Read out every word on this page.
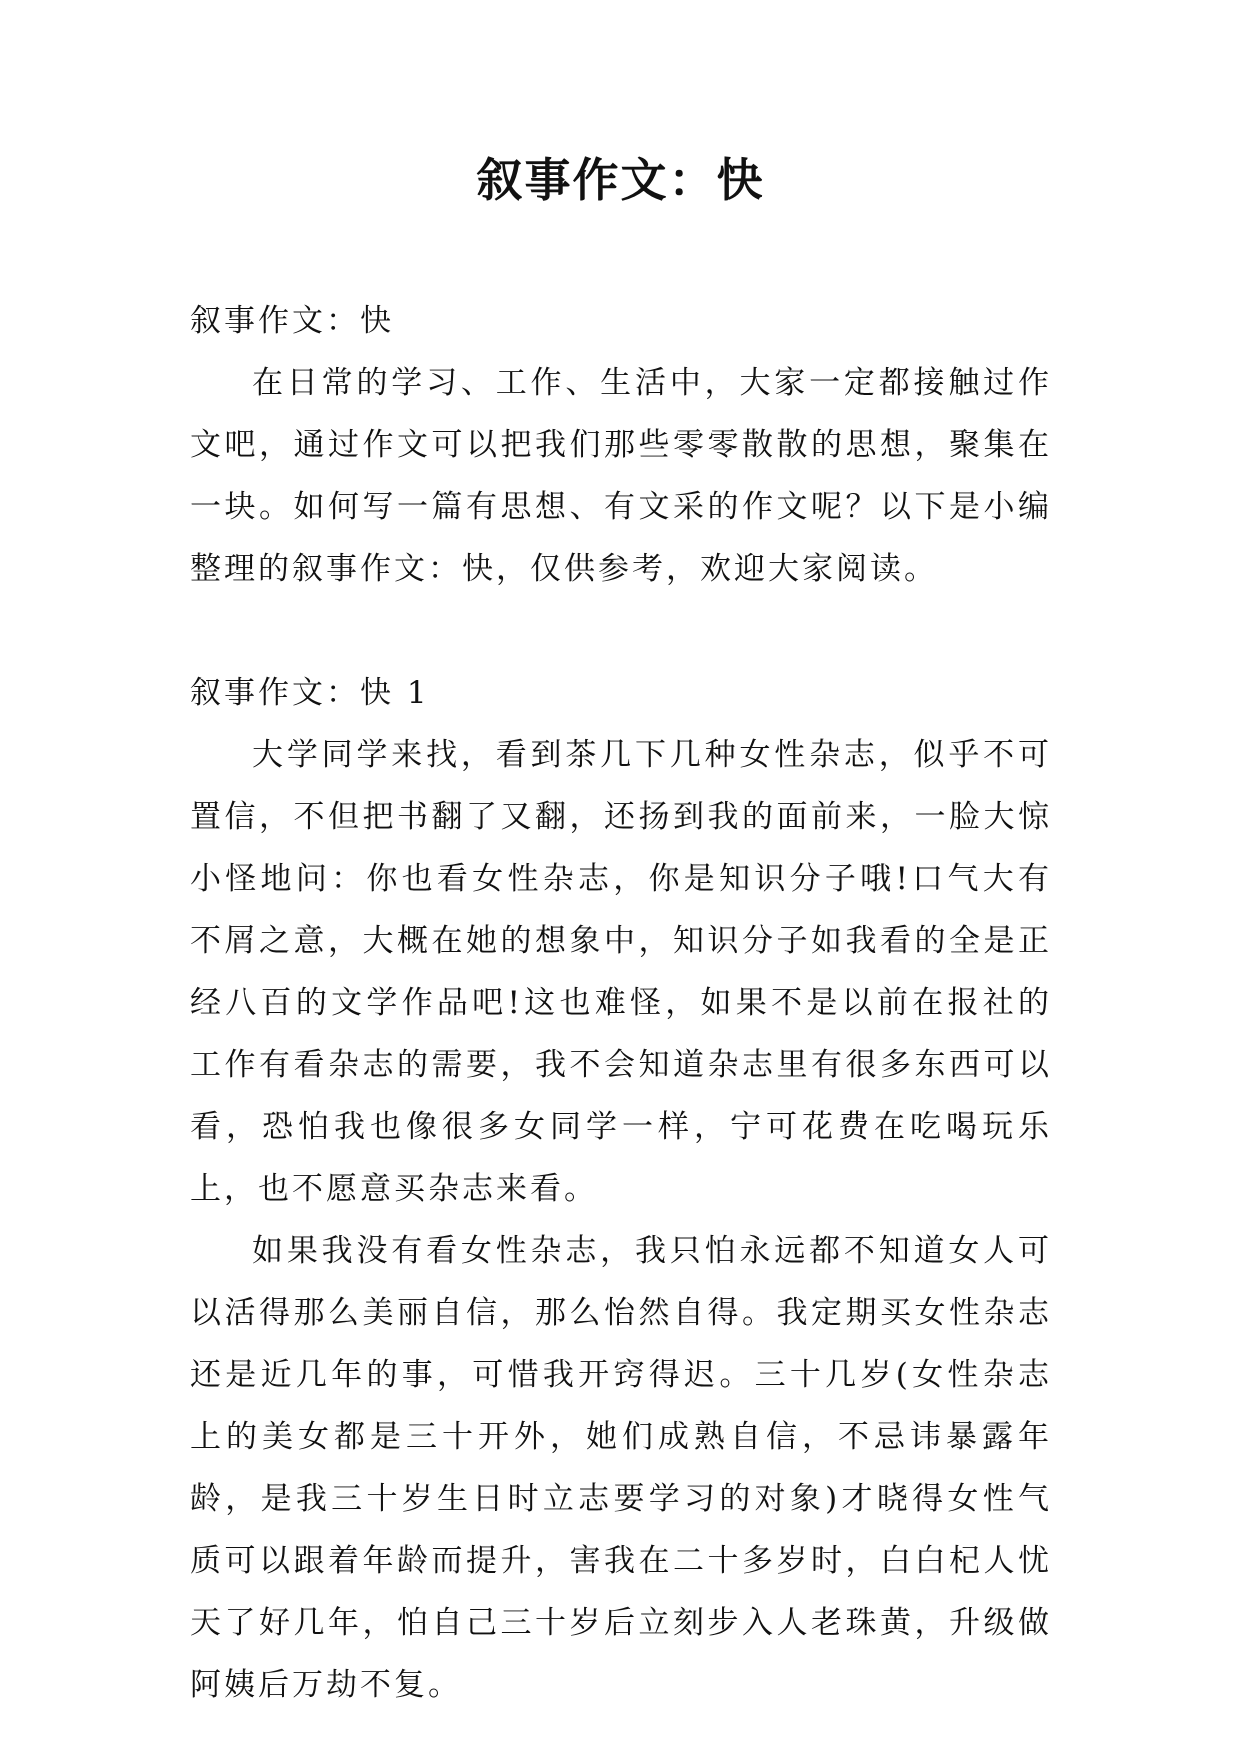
叙事作文：快

叙事作文：快

在日常的学习、工作、生活中，大家一定都接触过作文吧，通过作文可以把我们那些零零散散的思想，聚集在一块。如何写一篇有思想、有文采的作文呢？以下是小编整理的叙事作文：快，仅供参考，欢迎大家阅读。

叙事作文：快 1

大学同学来找，看到茶几下几种女性杂志，似乎不可置信，不但把书翻了又翻，还扬到我的面前来，一脸大惊小怪地问：你也看女性杂志，你是知识分子哦!口气大有不屑之意，大概在她的想象中，知识分子如我看的全是正经八百的文学作品吧!这也难怪，如果不是以前在报社的工作有看杂志的需要，我不会知道杂志里有很多东西可以看，恐怕我也像很多女同学一样，宁可花费在吃喝玩乐上，也不愿意买杂志来看。

如果我没有看女性杂志，我只怕永远都不知道女人可以活得那么美丽自信，那么怡然自得。我定期买女性杂志还是近几年的事，可惜我开窍得迟。三十几岁(女性杂志上的美女都是三十开外，她们成熟自信，不忌讳暴露年龄，是我三十岁生日时立志要学习的对象)才晓得女性气质可以跟着年龄而提升，害我在二十多岁时，白白杞人忧天了好几年，怕自己三十岁后立刻步入人老珠黄，升级做阿姨后万劫不复。
